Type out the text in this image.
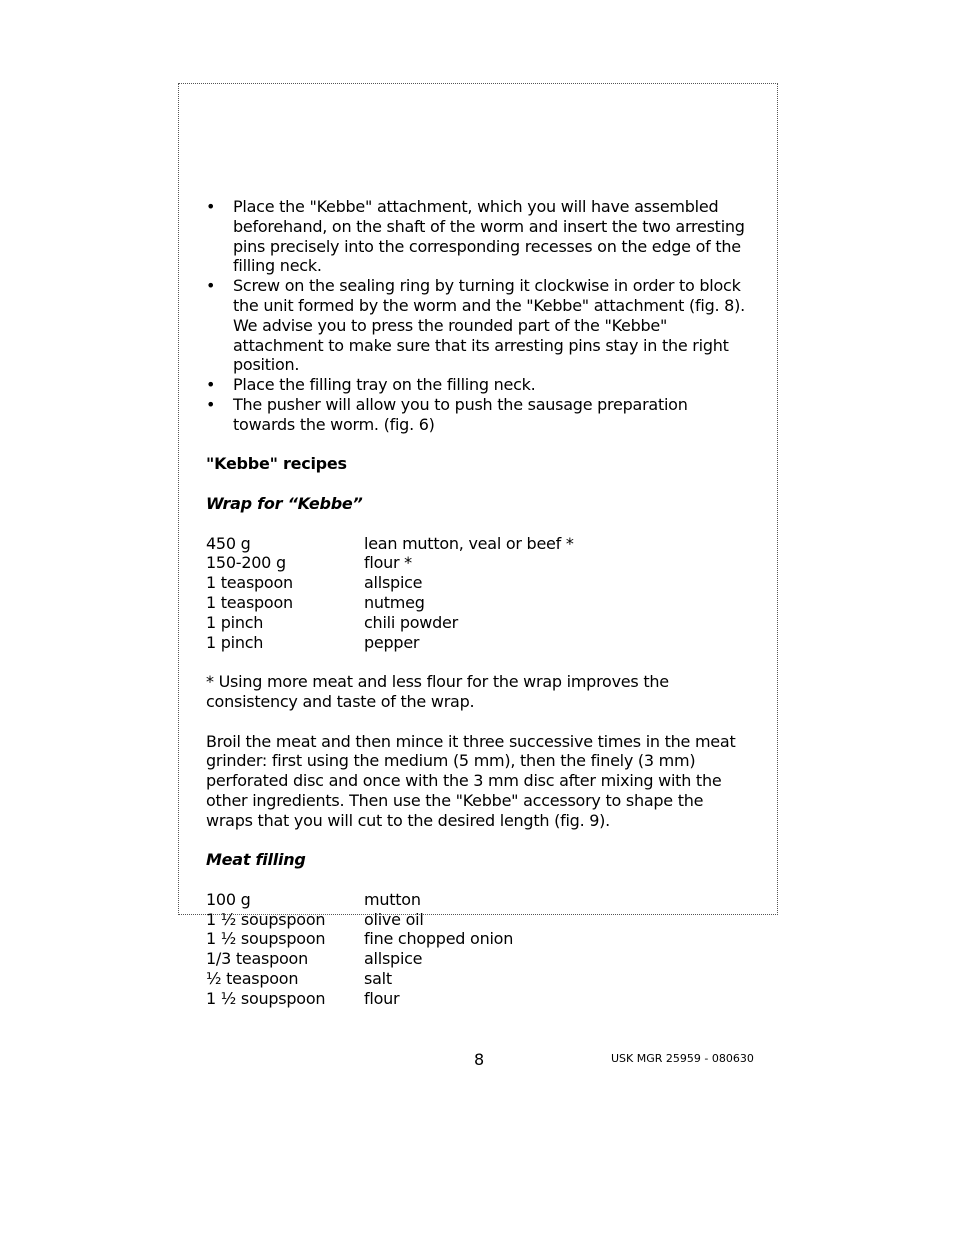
• Place the "Kebbe" attachment, which you will have assembled beforehand, on the shaft of the worm and insert the two arresting pins precisely into the corresponding recesses on the edge of the filling neck.
• Screw on the sealing ring by turning it clockwise in order to block the unit formed by the worm and the "Kebbe" attachment (fig. 8). We advise you to press the rounded part of the "Kebbe" attachment to make sure that its arresting pins stay in the right position.
• Place the filling tray on the filling neck.
• The pusher will allow you to push the sausage preparation towards the worm. (fig. 6)

"Kebbe" recipes

Wrap for “Kebbe”

450 g	lean mutton, veal or beef *
150-200 g	flour *
1 teaspoon	allspice
1 teaspoon	nutmeg
1 pinch	chili powder
1 pinch	pepper

* Using more meat and less flour for the wrap improves the consistency and taste of the wrap.

Broil the meat and then mince it three successive times in the meat grinder: first using the medium (5 mm), then the finely (3 mm) perforated disc and once with the 3 mm disc after mixing with the other ingredients. Then use the "Kebbe" accessory to shape the wraps that you will cut to the desired length (fig. 9).

Meat filling

100 g	mutton
1 ½ soupspoon	olive oil
1 ½ soupspoon	fine chopped onion
1/3 teaspoon	allspice
½ teaspoon	salt
1 ½ soupspoon	flour
8	USK MGR 25959 - 080630
